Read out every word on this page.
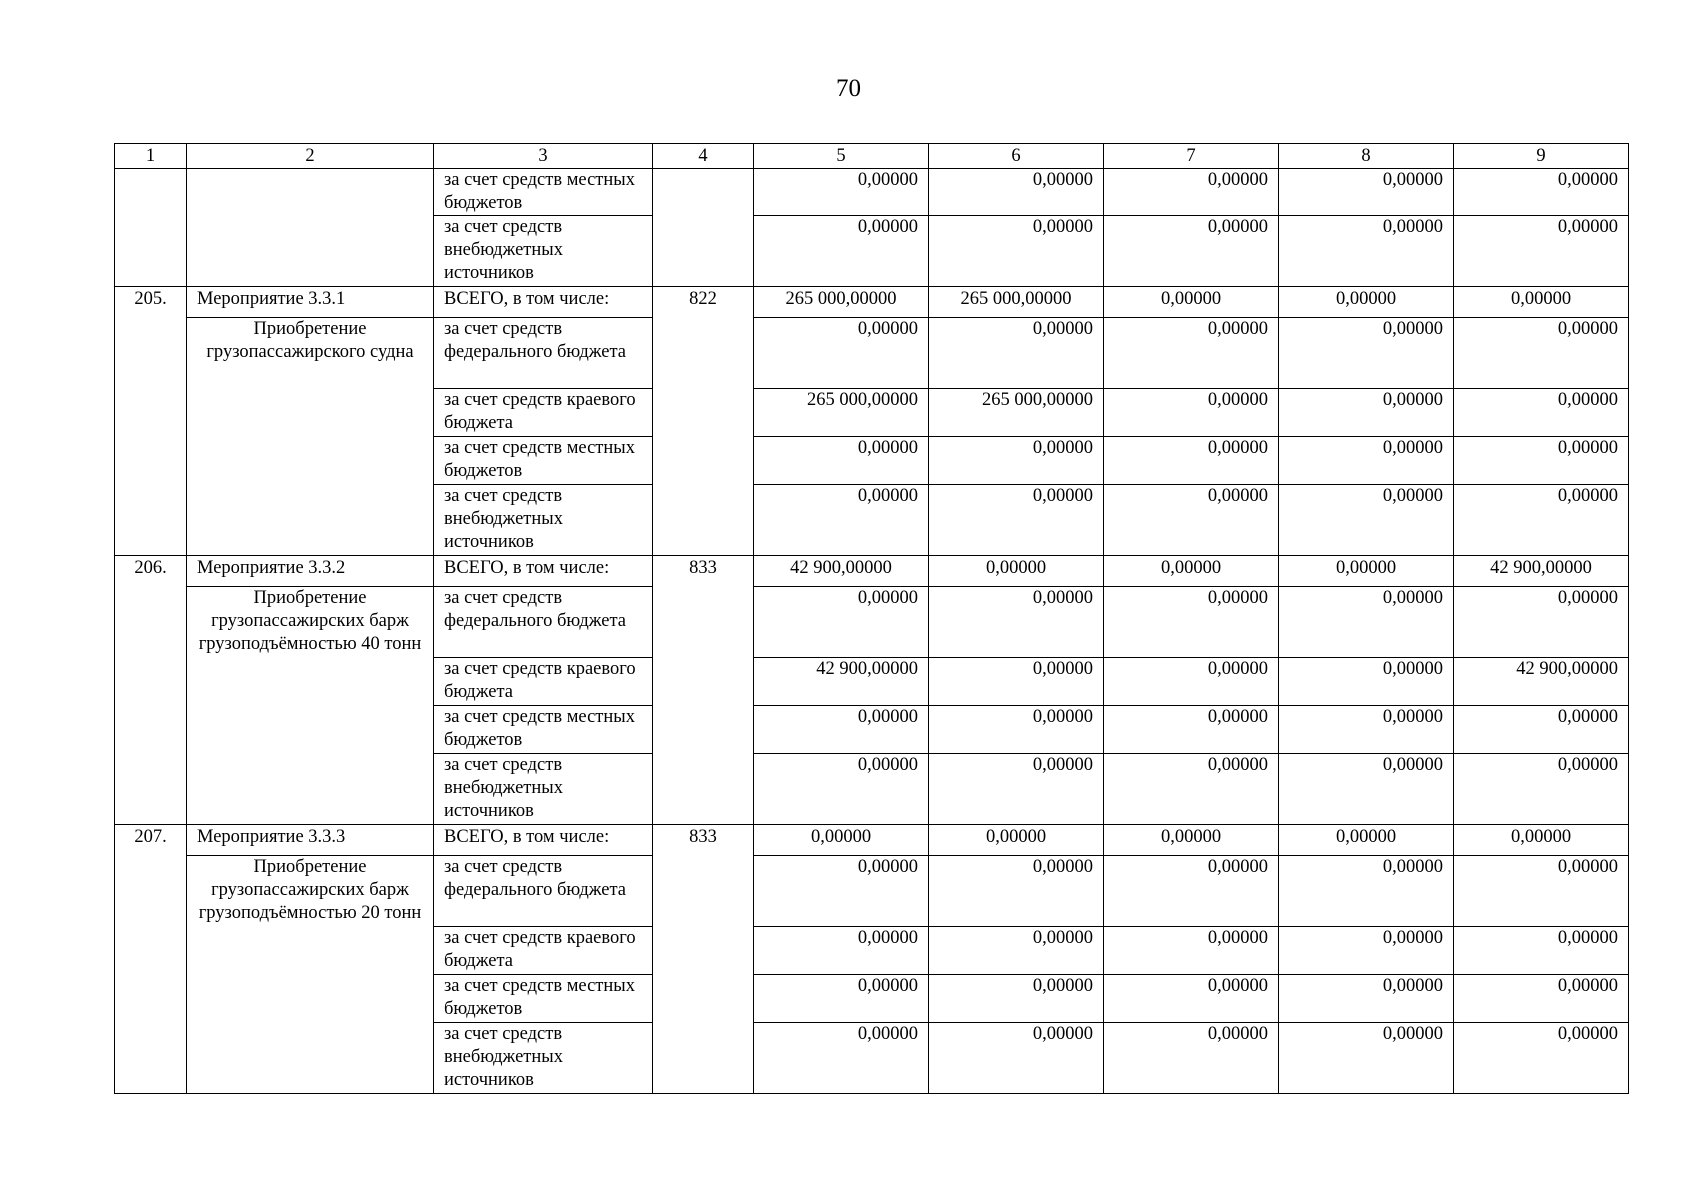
70
1	2	3	4	5	6	7	8	9
		за счет средств местных бюджетов		0,00000	0,00000	0,00000	0,00000	0,00000
		за счет средств внебюджетных источников		0,00000	0,00000	0,00000	0,00000	0,00000
205.	Мероприятие 3.3.1	ВСЕГО, в том числе:	822	265 000,00000	265 000,00000	0,00000	0,00000	0,00000
	Приобретение грузопассажирского судна	за счет средств федерального бюджета		0,00000	0,00000	0,00000	0,00000	0,00000
		за счет средств краевого бюджета		265 000,00000	265 000,00000	0,00000	0,00000	0,00000
		за счет средств местных бюджетов		0,00000	0,00000	0,00000	0,00000	0,00000
		за счет средств внебюджетных источников		0,00000	0,00000	0,00000	0,00000	0,00000
206.	Мероприятие 3.3.2	ВСЕГО, в том числе:	833	42 900,00000	0,00000	0,00000	0,00000	42 900,00000
	Приобретение грузопассажирских барж грузоподъёмностью 40 тонн	за счет средств федерального бюджета		0,00000	0,00000	0,00000	0,00000	0,00000
		за счет средств краевого бюджета		42 900,00000	0,00000	0,00000	0,00000	42 900,00000
		за счет средств местных бюджетов		0,00000	0,00000	0,00000	0,00000	0,00000
		за счет средств внебюджетных источников		0,00000	0,00000	0,00000	0,00000	0,00000
207.	Мероприятие 3.3.3	ВСЕГО, в том числе:	833	0,00000	0,00000	0,00000	0,00000	0,00000
	Приобретение грузопассажирских барж грузоподъёмностью 20 тонн	за счет средств федерального бюджета		0,00000	0,00000	0,00000	0,00000	0,00000
		за счет средств краевого бюджета		0,00000	0,00000	0,00000	0,00000	0,00000
		за счет средств местных бюджетов		0,00000	0,00000	0,00000	0,00000	0,00000
		за счет средств внебюджетных источников		0,00000	0,00000	0,00000	0,00000	0,00000
